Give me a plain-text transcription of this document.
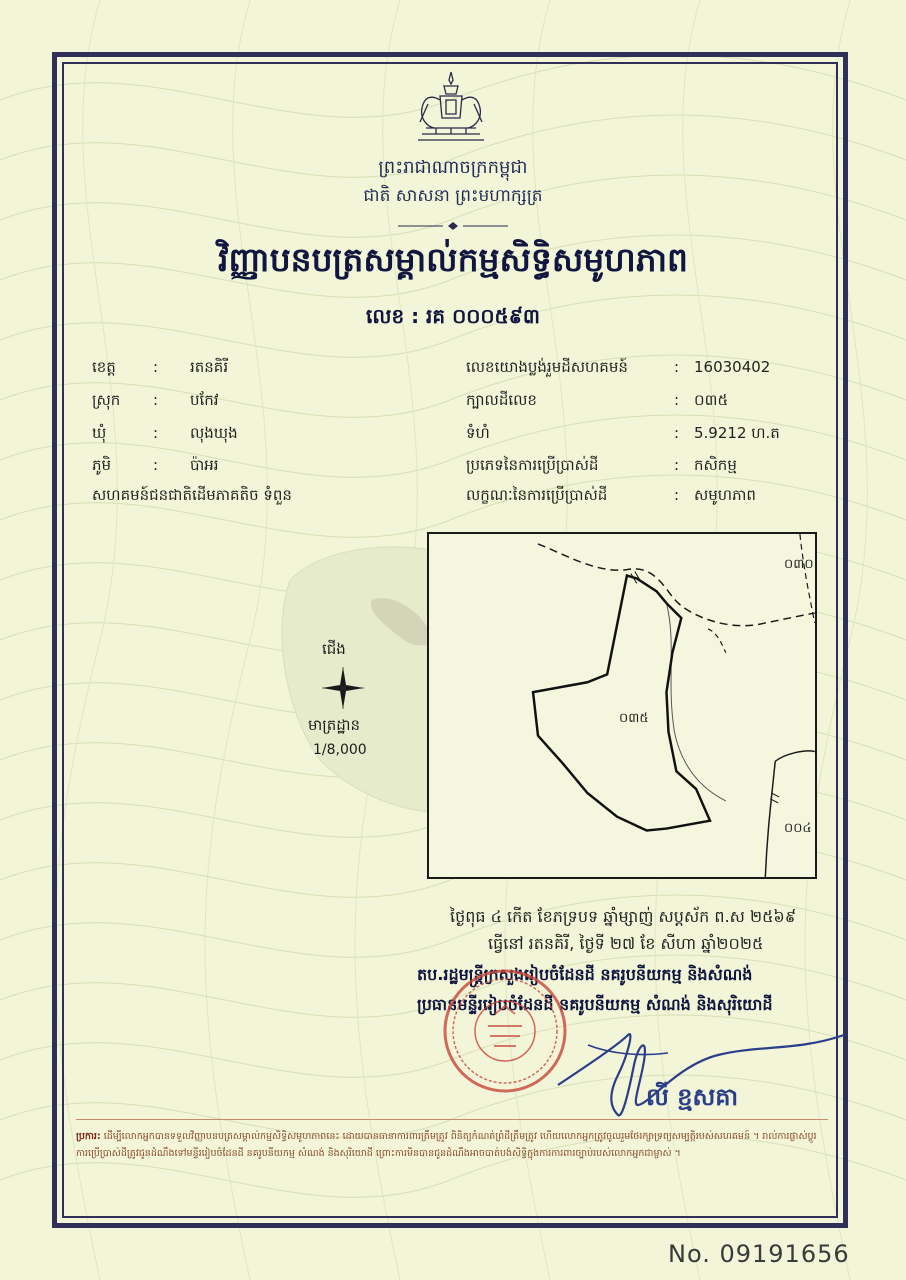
ព្រះរាជាណាចក្រកម្ពុជា
ជាតិ សាសនា ព្រះមហាក្សត្រ
វិញ្ញាបនបត្រសម្គាល់កម្មសិទ្ធិសមូហភាព
លេខ : រគ ០០០៥៩៣
ខេត្ត : រតនគិរី
ស្រុក : បកែវ
ឃុំ	: លុងឃុង
ភូមិ	: ប៉ាអរ
សហគមន៍ជនជាតិដើមភាគតិច ទំពួន
លេខយោងប្លង់រួមដីសហគមន៍	: 16030402
ក្បាលដីលេខ	: ០៣៥
ទំហំ	: 5.9212 ហ.ត
ប្រភេទនៃការប្រើប្រាស់ដី	: កសិកម្ម
លក្ខណៈនៃការប្រើប្រាស់ដី	: សមូហភាព
ជើង
មាត្រដ្ឋាន
1/8,000
០៣០
០៣៥
០០៤
ថ្ងៃពុធ ៤ កើត ខែភទ្របទ ឆ្នាំម្សាញ់ សប្តស័ក ព.ស ២៥៦៩
ធ្វើនៅ រតនគិរី, ថ្ងៃទី ២៧ ខែ សីហា ឆ្នាំ២០២៥
តប.រដ្ឋមន្ត្រីក្រសួងរៀបចំដែនដី នគរូបនីយកម្ម និងសំណង់
ប្រធានមន្ទីររៀបចំដែនដី នគរូបនីយកម្ម សំណង់ និងសុរិយោដី
លី ខ្មសគា
ប្រការ: ដើម្បីលោកអ្នកបានទទួលវិញ្ញាបនបត្រសម្គាល់កម្មសិទ្ធិសមូហភាពនេះ ដោយបានធានាការពារត្រឹមត្រូវ ពិនិត្យកំណត់ព្រំដីត្រឹមត្រូវ ហើយលោកអ្នកត្រូវចូលរួមថែរក្សាទ្រព្យសម្បត្តិរបស់សហគមន៍ ។ រាល់ការផ្លាស់ប្តូរការប្រើប្រាស់ដីត្រូវជូនដំណឹងទៅមន្ទីររៀបចំដែនដី នគរូបនីយកម្ម សំណង់ និងសុរិយោដី ព្រោះការមិនបានជូនដំណឹងអាចបាត់បង់សិទ្ធិក្នុងការការពារច្បាប់របស់លោកអ្នកជាម្ចាស់ ។
No. 09191656
